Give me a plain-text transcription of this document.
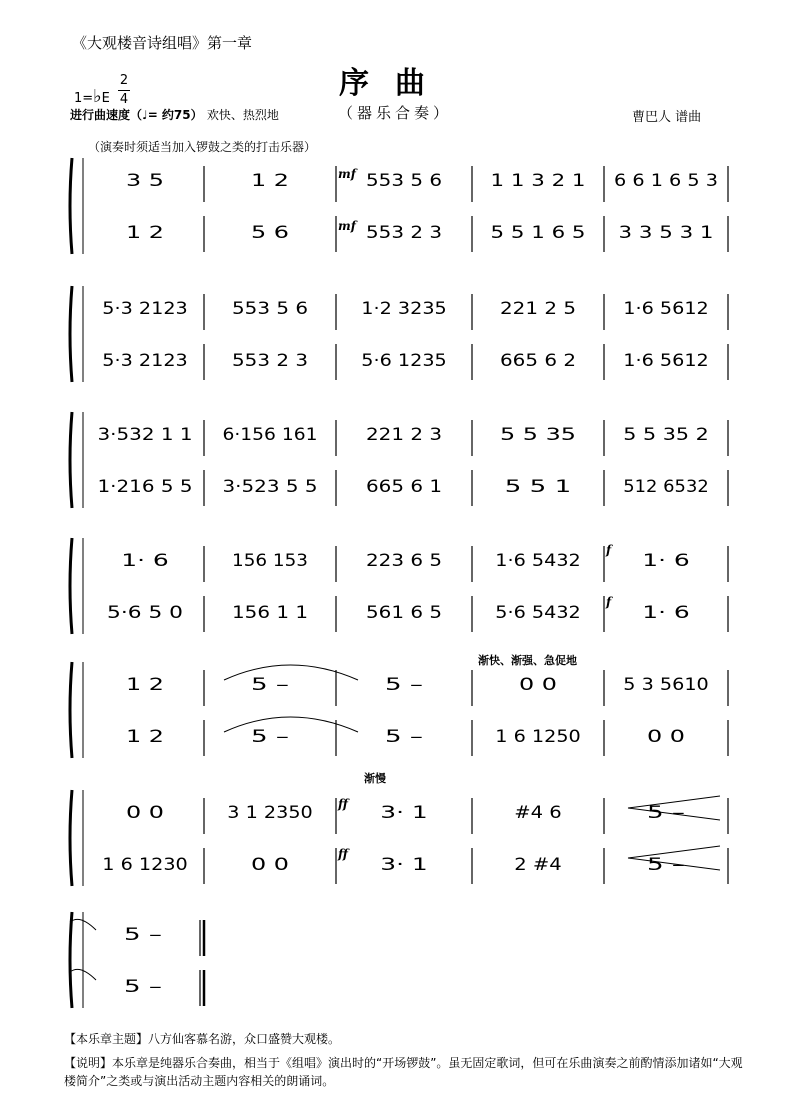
《大观楼音诗组唱》第一章
1=♭E
2
4
进行曲速度（♩= 约75） 欢快、热烈地
序曲
（器乐合奏）	曹巴人 谱曲
（演奏时须适当加入锣鼓之类的打击乐器）
3 5
1 2
1 2
5 6
553 5 6
553 2 3
1 1 3 2 1
5 5 1 6 5
6 6 1 6 5 3
3 3 5 3 1
5·3 2123
5·3 2123
553 5 6
553 2 3
1·2 3235
5·6 1235
221 2 5
665 6 2
1·6 5612
1·6 5612
3·532 1 1
1·216 5 5
6·156 161
3·523 5 5
221 2 3
665 6 1
5 5 35
5 5 1
5 5 35 2
512 6532
1· 6
5·6 5 0
156 153
156 1 1
223 6 5
561 6 5
1·6 5432
5·6 5432
1· 6
1· 6
1 2
1 2
5 –
5 –
5 –
5 –
0 0
1 6 1250
5 3 5610
0 0
0 0
1 6 1230
3 1 2350
0 0
3· 1
3· 1
#4 6
2 #4
5 –
5 –
5 –
5 –
mf
mf
f
f
ff
ff
渐快、渐强、急促地
渐慢
【本乐章主题】八方仙客慕名游，众口盛赞大观楼。
【说明】本乐章是纯器乐合奏曲，相当于《组唱》演出时的“开场锣鼓”。虽无固定歌词，但可在乐曲演奏之前酌情添加诸如“大观楼简介”之类或与演出活动主题内容相关的朗诵词。
